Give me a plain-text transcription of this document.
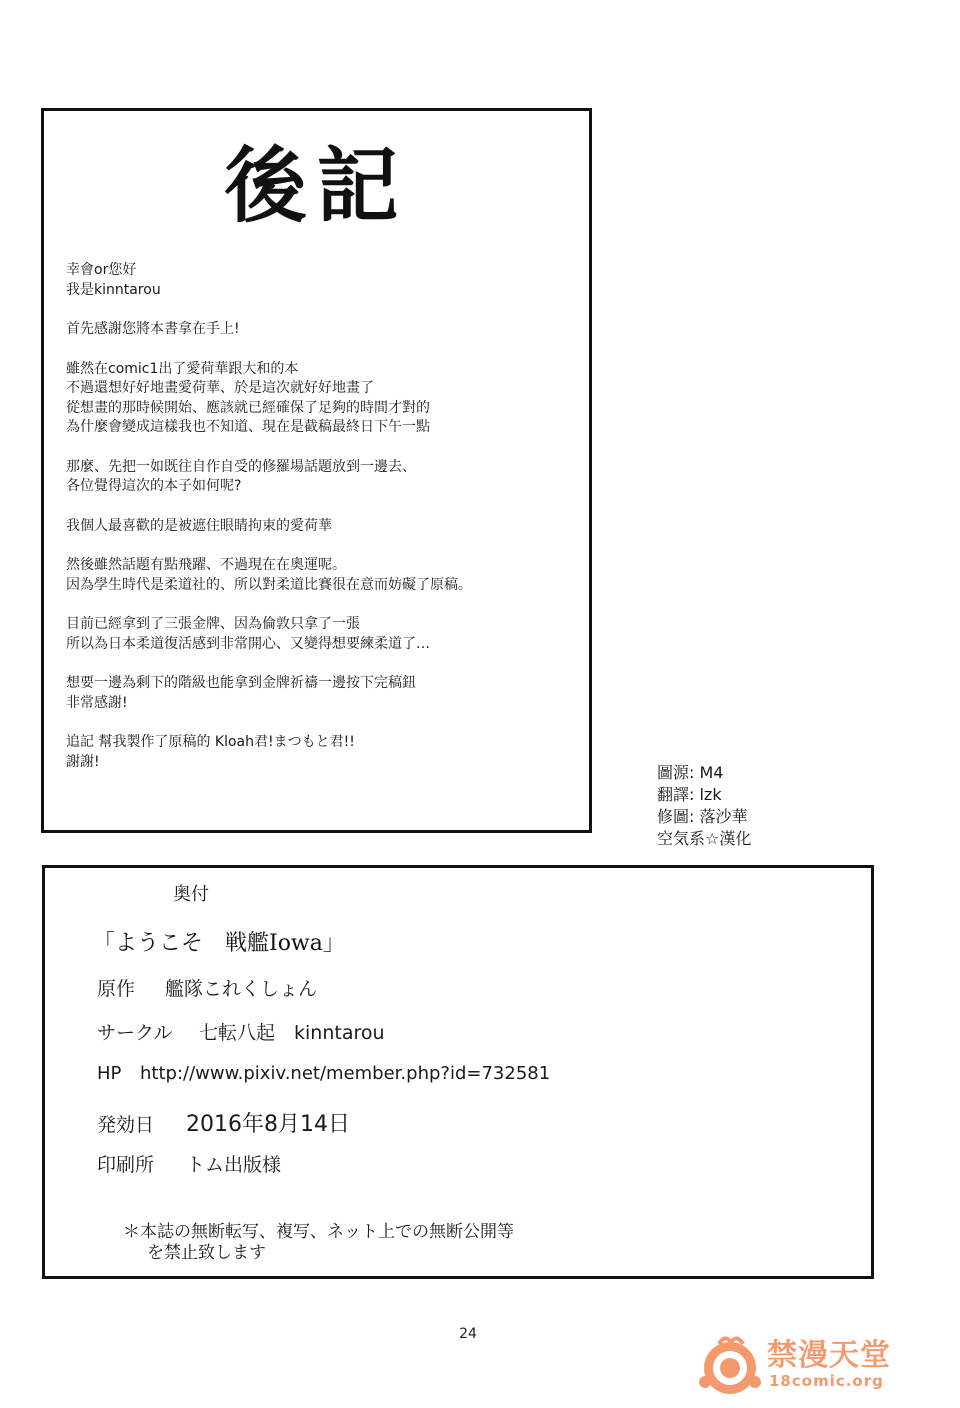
後記

幸會or您好
我是kinntarou

首先感謝您將本書拿在手上!

雖然在comic1出了愛荷華跟大和的本
不過還想好好地畫愛荷華、於是這次就好好地畫了
從想畫的那時候開始、應該就已經確保了足夠的時間才對的
為什麼會變成這樣我也不知道、現在是截稿最終日下午一點

那麼、先把一如既往自作自受的修羅場話題放到一邊去、
各位覺得這次的本子如何呢?

我個人最喜歡的是被遮住眼睛拘束的愛荷華

然後雖然話題有點飛躍、不過現在在奧運呢。
因為學生時代是柔道社的、所以對柔道比賽很在意而妨礙了原稿。

目前已經拿到了三張金牌、因為倫敦只拿了一張
所以為日本柔道復活感到非常開心、又變得想要練柔道了…

想要一邊為剩下的階級也能拿到金牌祈禱一邊按下完稿鈕
非常感謝!

追記 幫我製作了原稿的 Kloah君!まつもと君!!
謝謝!

圖源: M4
翻譯: lzk
修圖: 落沙華
空気系☆漢化
奥付
「ようこそ　戦艦Iowa」
原作 艦隊これくしょん
サークル 七転八起　kinntarou
HP http://www.pixiv.net/member.php?id=732581
発効日 2016年8月14日
印刷所 トム出版様
＊本誌の無断転写、複写、ネット上での無断公開等
を禁止致します
24
禁漫天堂
18comic.org
